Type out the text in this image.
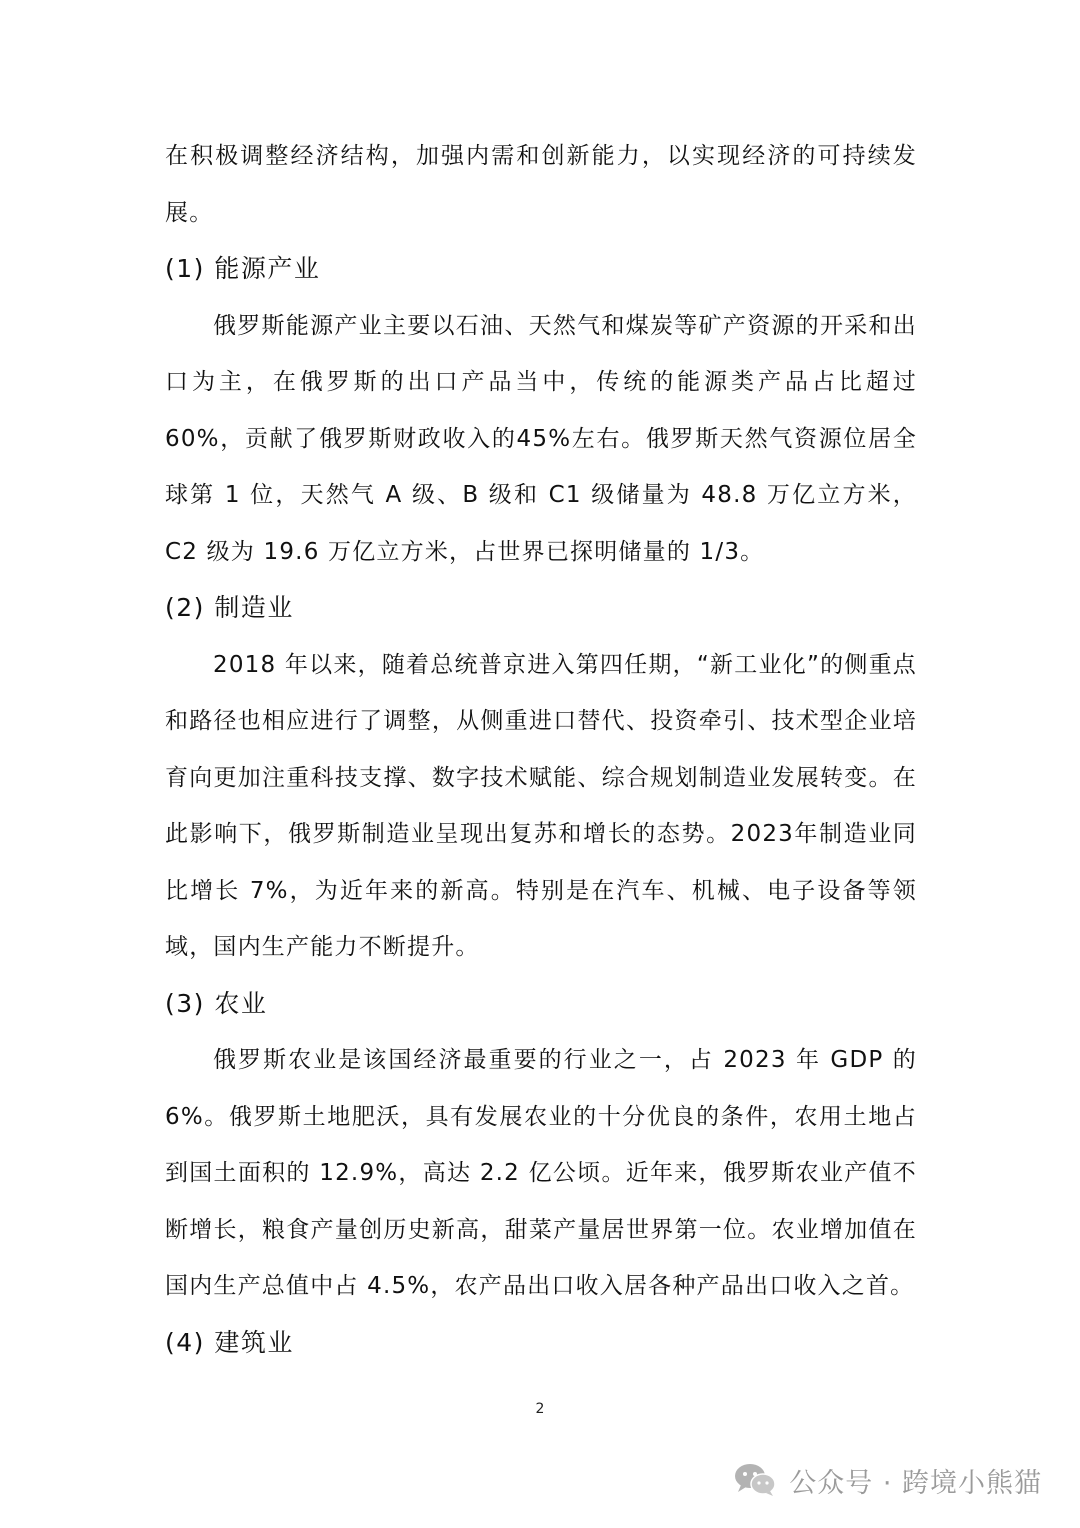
在积极调整经济结构，加强内需和创新能力，以实现经济的可持续发展。

(1) 能源产业

俄罗斯能源产业主要以石油、天然气和煤炭等矿产资源的开采和出口为主，在俄罗斯的出口产品当中，传统的能源类产品占比超过60%，贡献了俄罗斯财政收入的45%左右。俄罗斯天然气资源位居全球第 1 位，天然气 A 级、B 级和 C1 级储量为 48.8 万亿立方米，C2 级为 19.6 万亿立方米，占世界已探明储量的 1/3。

(2) 制造业

2018 年以来，随着总统普京进入第四任期，“新工业化”的侧重点和路径也相应进行了调整，从侧重进口替代、投资牵引、技术型企业培育向更加注重科技支撑、数字技术赋能、综合规划制造业发展转变。在此影响下，俄罗斯制造业呈现出复苏和增长的态势。2023年制造业同比增长 7%，为近年来的新高。特别是在汽车、机械、电子设备等领域，国内生产能力不断提升。

(3) 农业

俄罗斯农业是该国经济最重要的行业之一，占 2023 年 GDP 的 6%。俄罗斯土地肥沃，具有发展农业的十分优良的条件，农用土地占到国土面积的 12.9%，高达 2.2 亿公顷。近年来，俄罗斯农业产值不断增长，粮食产量创历史新高，甜菜产量居世界第一位。农业增加值在国内生产总值中占 4.5%，农产品出口收入居各种产品出口收入之首。

(4) 建筑业
2
公众号 · 跨境小熊猫
